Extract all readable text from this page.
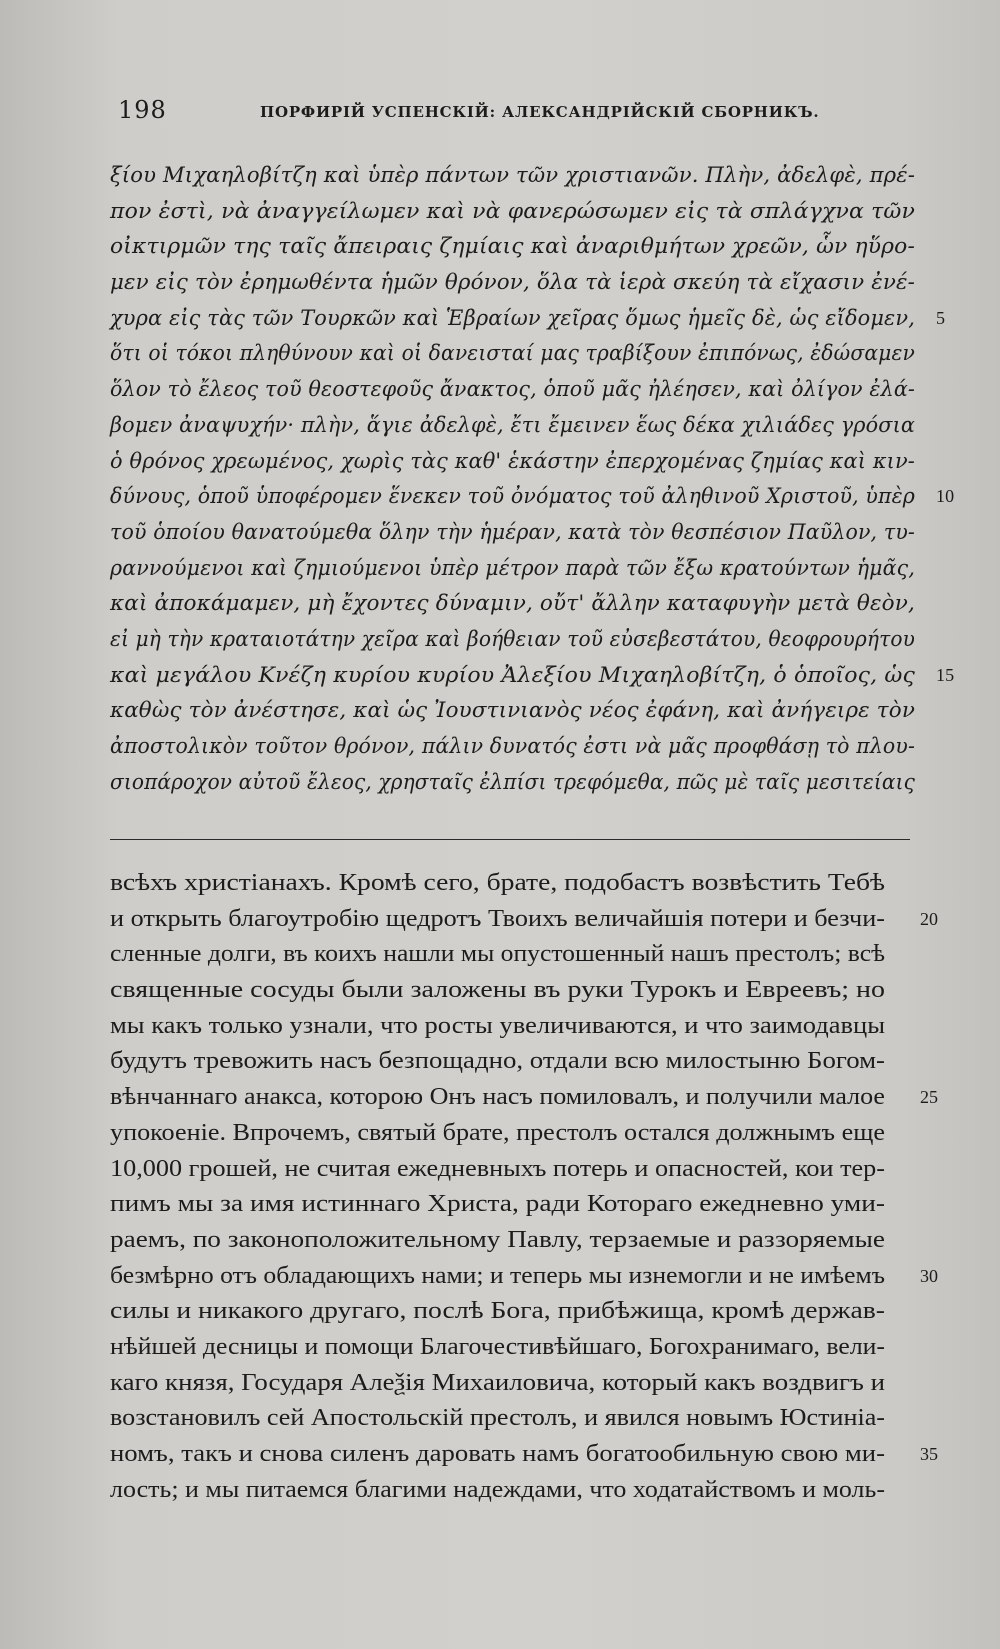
198	ПОРФИРІЙ УСПЕНСКІЙ: АЛЕКСАНДРІЙСКІЙ СБОРНИКЪ.
ξίου Μιχαηλοβίτζη καὶ ὑπὲρ πάντων τῶν χριστιανῶν. Πλὴν, ἀδελφὲ, πρέ-
πον ἐστὶ, νὰ ἀναγγείλωμεν καὶ νὰ φανερώσωμεν εἰς τὰ σπλάγχνα τῶν
οἰκτιρμῶν της ταῖς ἄπειραις ζημίαις καὶ ἀναριθμήτων χρεῶν, ὧν ηὕρο-
μεν εἰς τὸν ἐρημωθέντα ἡμῶν θρόνον, ὅλα τὰ ἱερὰ σκεύη τὰ εἴχασιν ἐνέ-
χυρα εἰς τὰς τῶν Τουρκῶν καὶ Ἑβραίων χεῖρας ὅμως ἡμεῖς δὲ, ὡς εἴδομεν, 5
ὅτι οἱ τόκοι πληθύνουν καὶ οἱ δανεισταί μας τραβίξουν ἐπιπόνως, ἐδώσαμεν
ὅλον τὸ ἔλεος τοῦ θεοστεφοῦς ἄνακτος, ὁποῦ μᾶς ἠλέησεν, καὶ ὀλίγον ἐλά-
βομεν ἀναψυχήν· πλὴν, ἅγιε ἀδελφὲ, ἔτι ἔμεινεν ἕως δέκα χιλιάδες γρόσια
ὁ θρόνος χρεωμένος, χωρὶς τὰς καθ' ἑκάστην ἐπερχομένας ζημίας καὶ κιν-
δύνους, ὁποῦ ὑποφέρομεν ἕνεκεν τοῦ ὀνόματος τοῦ ἀληθινοῦ Χριστοῦ, ὑπὲρ 10
τοῦ ὁποίου θανατούμεθα ὅλην τὴν ἡμέραν, κατὰ τὸν θεσπέσιον Παῦλον, τυ-
ραννούμενοι καὶ ζημιούμενοι ὑπὲρ μέτρον παρὰ τῶν ἔξω κρατούντων ἡμᾶς,
καὶ ἀποκάμαμεν, μὴ ἔχοντες δύναμιν, οὔτ' ἄλλην καταφυγὴν μετὰ θεὸν,
εἰ μὴ τὴν κραταιοτάτην χεῖρα καὶ βοήθειαν τοῦ εὐσεβεστάτου, θεοφρουρήτου
καὶ μεγάλου Κνέζη κυρίου κυρίου Ἀλεξίου Μιχαηλοβίτζη, ὁ ὁποῖος, ὡς 15
καθὼς τὸν ἀνέστησε, καὶ ὡς Ἰουστινιανὸς νέος ἐφάνη, καὶ ἀνήγειρε τὸν
ἀποστολικὸν τοῦτον θρόνον, πάλιν δυνατός ἐστι νὰ μᾶς προφθάσῃ τὸ πλου-
σιοπάροχον αὐτοῦ ἔλεος, χρησταῖς ἐλπίσι τρεφόμεθα, πῶς μὲ ταῖς μεσιτείαις
всѣхъ христіанахъ. Кромѣ сего, брате, подобастъ возвѣстить Тебѣ
и открыть благоутробію щедротъ Твоихъ величайшія потери и безчи- 20
сленные долги, въ коихъ нашли мы опустошенный нашъ престолъ; всѣ
священные сосуды были заложены въ руки Турокъ и Евреевъ; но
мы какъ только узнали, что росты увеличиваются, и что заимодавцы
будутъ тревожить насъ безпощадно, отдали всю милостыню Богом-
вѣнчаннаго анакса, которою Онъ насъ помиловалъ, и получили малое 25
упокоеніе. Впрочемъ, святый брате, престолъ остался должнымъ еще
10,000 грошей, не считая ежедневныхъ потерь и опасностей, кои тер-
пимъ мы за имя истиннаго Христа, ради Котораго ежедневно уми-
раемъ, по законоположительному Павлу, терзаемые и раззоряемые
безмѣрно отъ обладающихъ нами; и теперь мы изнемогли и не имѣемъ 30
силы и никакого другаго, послѣ Бога, прибѣжища, кромѣ держав-
нѣйшей десницы и помощи Благочестивѣйшаго, Богохранимаго, вели-
каго князя, Государя Алеѯія Михаиловича, который какъ воздвигъ и
возстановилъ сей Апостольскій престолъ, и явился новымъ Юстиніа-
номъ, такъ и снова силенъ даровать намъ богатообильную свою ми- 35
лость; и мы питаемся благими надеждами, что ходатайствомъ и моль-
